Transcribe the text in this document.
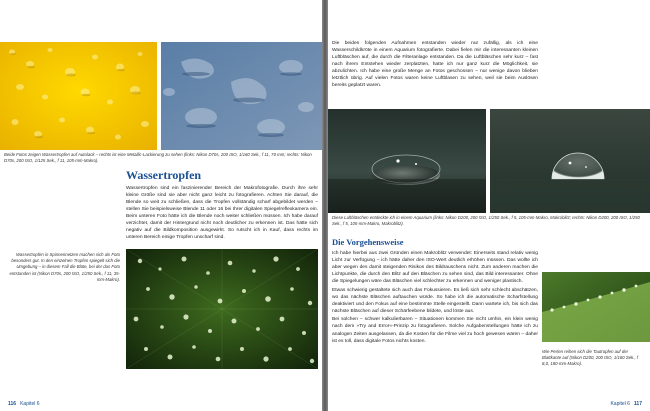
Beide Fotos zeigen Wassertropfen auf Autolack – rechts ist eine Metallic-Lackierung zu sehen (links: Nikon D70s, 200 ISO, 1/160 Sek., f 11, 70 mm; rechts: Nikon D70s, 200 ISO, 1/125 Sek., f 11, 105-mm-Makro).
Wassertropfen

Wassertropfen sind ein faszinierender Bereich der Makrofotografie. Durch ihre sehr kleine Größe sind sie aber nicht ganz leicht zu fotografieren. Achten Sie darauf, die Blende so weit zu schließen, dass die Tropfen vollständig scharf abgebildet werden – stellen Sie beispielsweise Blende 11 oder 16 bei Ihrer digitalen Spiegelreflexkamera ein. Beim unteren Foto hätte ich die Blende noch weiter schließen müssen. Ich habe darauf verzichtet, damit der Hintergrund nicht noch deutlicher zu erkennen ist. Das hätte sich negativ auf die Bildkomposition ausgewirkt. So rutscht ich in Kauf, dass rechts im unteren Bereich einige Tropfen unscharf sind.

Wassertropfen in Spinnennetzen machen sich als Foto besonders gut. In den einzelnen Tropfen spiegelt sich die Umgebung – in diesem Fall die Blüte, bei der das Foto entstanden ist (Nikon D70s, 200 ISO, 1/250 Sek., f 11, 35-mm-Makro).
116 Kapitel 6

Die beiden folgenden Aufnahmen entstanden wieder nur zufällig, als ich eine Wasserschildkröte in einem Aquarium fotografierte. Dabei fielen mir die interessanten kleinen Luftbläschen auf, die durch die Filteranlage entstanden. Da die Luftbläschen sehr kurz – fast nach ihrem Entstehen wieder zerplatzten, hatte ich nur ganz kurz die Möglichkeit, sie abzulichten. Ich habe eine große Menge an Fotos geschossen – nur wenige davon blieben letztlich übrig. Auf vielen Fotos waren keine Luftblasen zu sehen, weil sie beim Auslösen bereits geplatzt waren.

Diese Luftbläschen entdeckte ich in einem Aquarium (links: Nikon D200, 200 ISO, 1/250 Sek., f 5, 105-mm-Makro, Makroblitz; rechts: Nikon D200, 200 ISO, 1/250 Sek., f 5, 105-mm-Makro, Makroblitz).
Die Vorgehensweise

Ich habe hierbei aus zwei Gründen einen Makroblitz verwendet: Einerseits stand relativ wenig Licht zur Verfügung – ich hätte daher den ISO-Wert deutlich erhöhen müssen. Das wollte ich aber wegen des damit steigenden Risikos des Bildrauschens nicht. Zum anderen machen die Lichtpunkte, die durch den Blitz auf den Bläschen zu sehen sind, das Bild interessanter. Ohne die Spiegelungen wäre das Bläschen viel schlechter zu erkennen und weniger plastisch.

Etwas schwierig gestaltete sich auch das Fokussieren. Es ließ sich sehr schlecht abschätzen, wo das nächste Bläschen auftauchen würde. So habe ich die automatische Scharfstellung deaktiviert und den Fokus auf eine bestimmte Stelle eingestellt. Dann wartete ich, bis sich das nächste Bläschen auf dieser Schärfeebene bildete, und löste aus.

Bei solchen – schwer kalkulierbaren – Situationen kommen Sie nicht umhin, ein klein wenig nach dem »Try and Error«-Prinzip zu fotografieren. Solche Aufgabenstellungen hätte ich zu analogen Zeiten ausgelassen, da die Kosten für die Filme viel zu hoch gewesen wären – daher ist es toll, dass digitale Fotos nichts kosten.

Wie Perlen reihen sich die Tautropfen auf der Blattkante auf (Nikon D200, 200 ISO, 1/160 Sek., f 8,0, 180-mm-Makro).
Kapitel 6 117
